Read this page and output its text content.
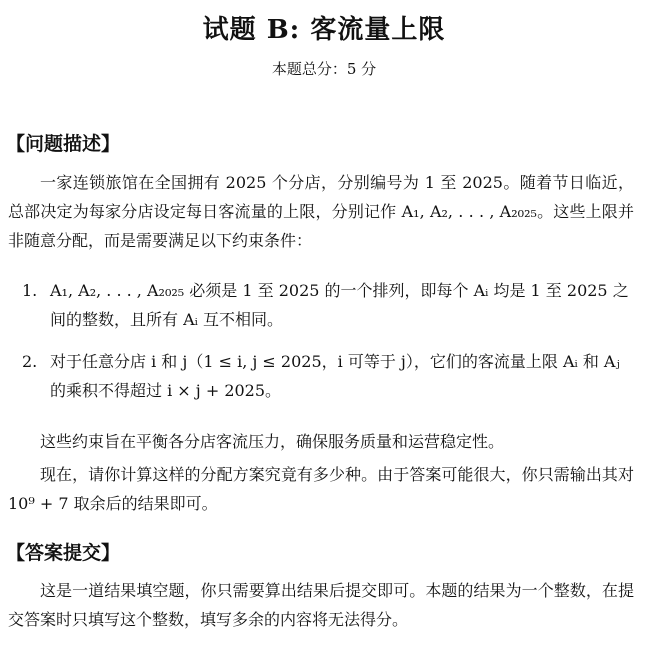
试题 B: 客流量上限
本题总分：5 分
【问题描述】
一家连锁旅馆在全国拥有 2025 个分店，分别编号为 1 至 2025。随着节日临近，总部决定为每家分店设定每日客流量的上限，分别记作 A₁, A₂, . . . , A₂₀₂₅。这些上限并非随意分配，而是需要满足以下约束条件：
1. A₁, A₂, . . . , A₂₀₂₅ 必须是 1 至 2025 的一个排列，即每个 Aᵢ 均是 1 至 2025 之间的整数，且所有 Aᵢ 互不相同。
2. 对于任意分店 i 和 j（1 ≤ i, j ≤ 2025，i 可等于 j），它们的客流量上限 Aᵢ 和 Aⱼ 的乘积不得超过 i × j + 2025。
这些约束旨在平衡各分店客流压力，确保服务质量和运营稳定性。
现在，请你计算这样的分配方案究竟有多少种。由于答案可能很大，你只需输出其对 10⁹ + 7 取余后的结果即可。
【答案提交】
这是一道结果填空题，你只需要算出结果后提交即可。本题的结果为一个整数，在提交答案时只填写这个整数，填写多余的内容将无法得分。
